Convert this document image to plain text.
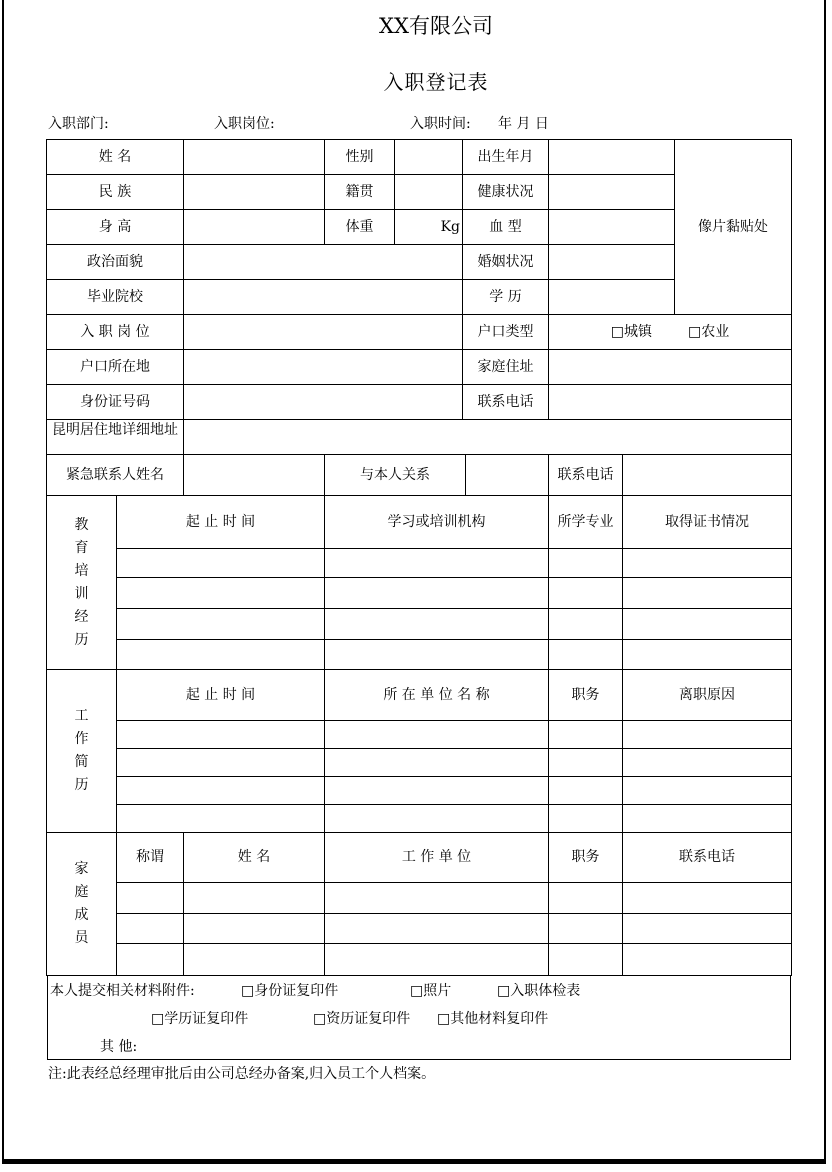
XX有限公司
入职登记表
入职部门:	入职岗位:	入职时间: 年 月 日
姓 名		性别		出生年月		像片黏贴处
民 族		籍贯		健康状况		
身 高		体重	Kg	血 型		
政治面貌				婚姻状况		
毕业院校				学 历		
入 职 岗 位				户口类型	□城镇 □农业	
户口所在地				家庭住址		
身份证号码				联系电话		
昆明居住地详细地址						
紧急联系人姓名		与本人关系		联系电话	
教育培训经历	起 止 时 间	学习或培训机构	所学专业	取得证书情况

工作简历	起 止 时 间	所 在 单 位 名 称	职务	离职原因

家庭成员	称谓	姓 名	工 作 单 位	职务	联系电话

本人提交相关材料附件:	□身份证复印件	□照片	□入职体检表
□学历证复印件	□资历证复印件 □其他材料复印件
其 他:
注:此表经总经理审批后由公司总经办备案,归入员工个人档案。
